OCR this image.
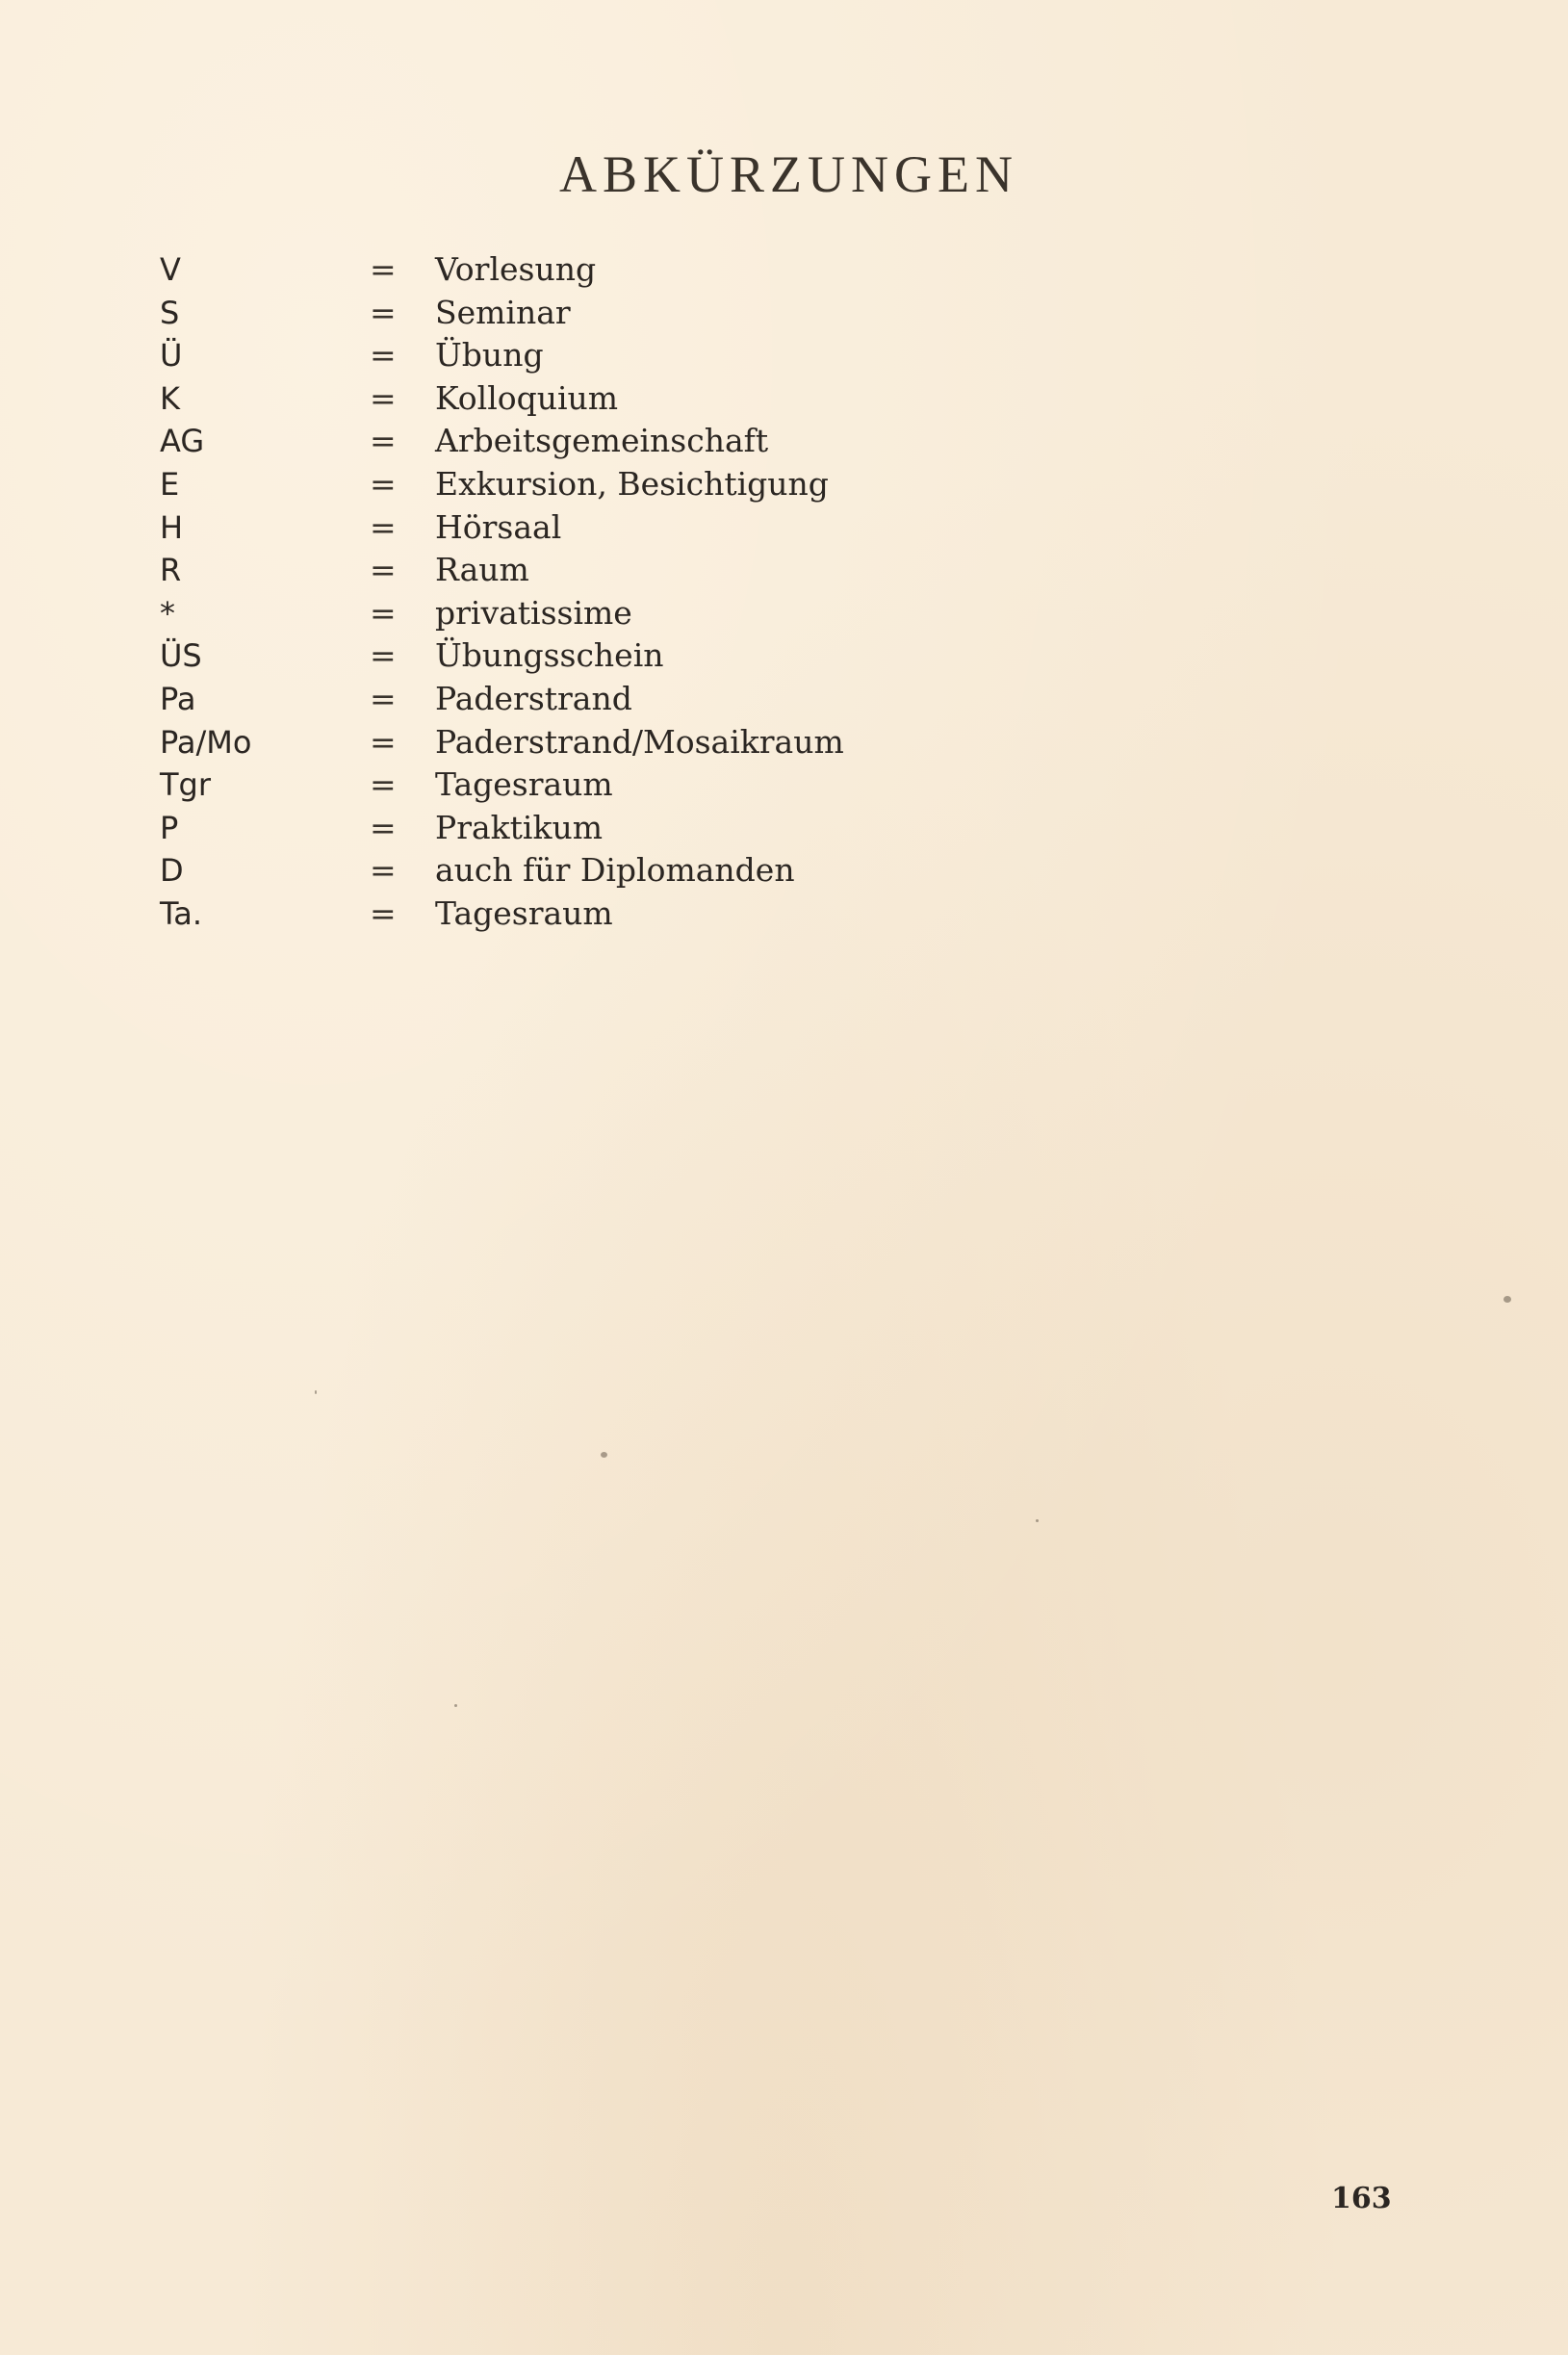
ABKÜRZUNGEN
V	= Vorlesung
S	= Seminar
Ü	= Übung
K	= Kolloquium
AG	= Arbeitsgemeinschaft
E	= Exkursion, Besichtigung
H	= Hörsaal
R	= Raum
*	= privatissime
ÜS	= Übungsschein
Pa	= Paderstrand
Pa/Mo	= Paderstrand/Mosaikraum
Tgr	= Tagesraum
P	= Praktikum
D	= auch für Diplomanden
Ta.	= Tagesraum
163
